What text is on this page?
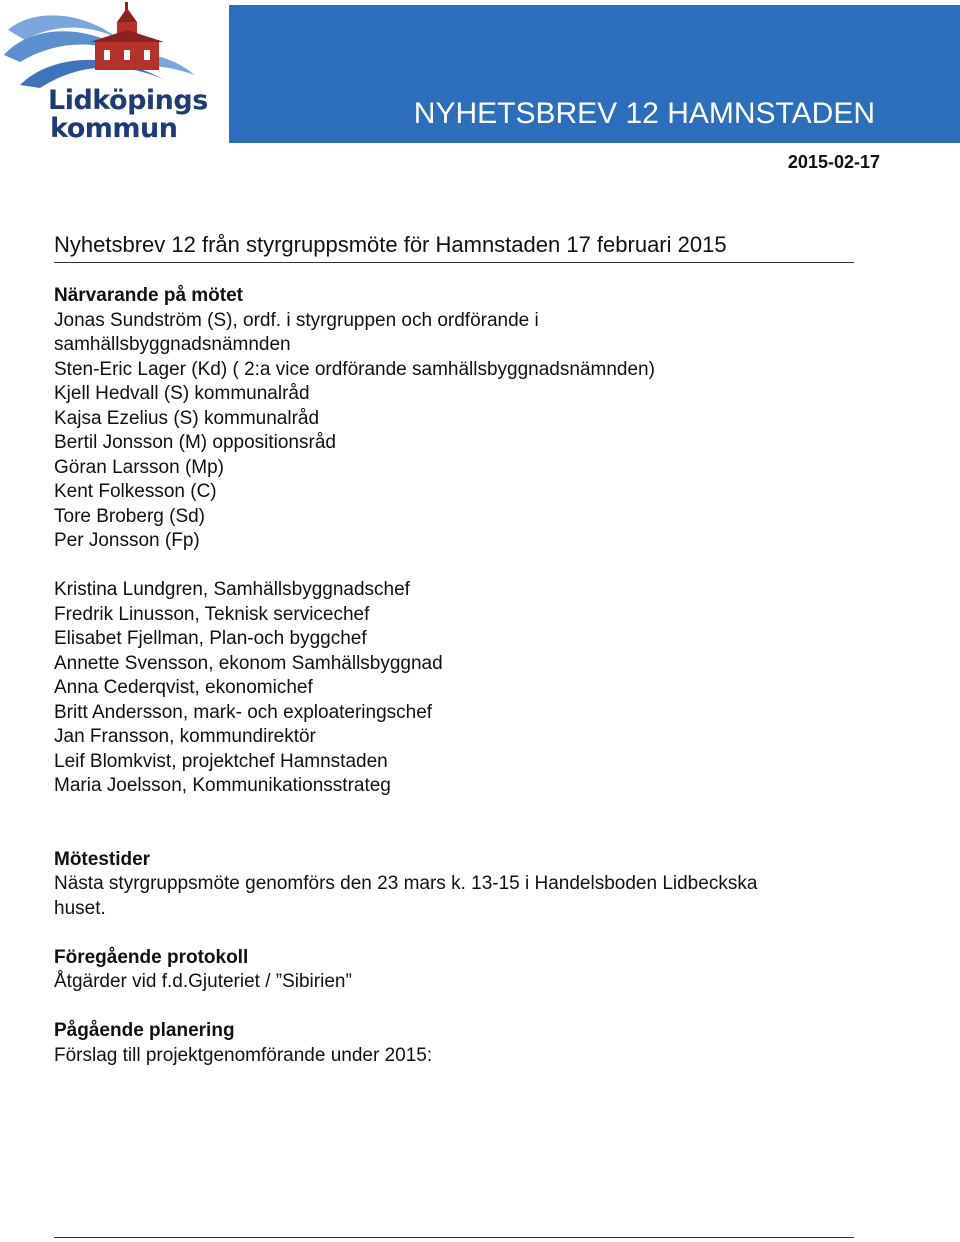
Lidköpings
kommun	NYHETSBREV 12 HAMNSTADEN
2015-02-17
Nyhetsbrev 12 från styrgruppsmöte för Hamnstaden 17 februari 2015
Närvarande på mötet
Jonas Sundström (S), ordf. i styrgruppen och ordförande i
samhällsbyggnadsnämnden
Sten-Eric Lager (Kd) ( 2:a vice ordförande samhällsbyggnadsnämnden)
Kjell Hedvall (S) kommunalråd
Kajsa Ezelius (S) kommunalråd
Bertil Jonsson (M) oppositionsråd
Göran Larsson (Mp)
Kent Folkesson (C)
Tore Broberg (Sd)
Per Jonsson (Fp)
Kristina Lundgren, Samhällsbyggnadschef
Fredrik Linusson, Teknisk servicechef
Elisabet Fjellman, Plan-och byggchef
Annette Svensson, ekonom Samhällsbyggnad
Anna Cederqvist, ekonomichef
Britt Andersson, mark- och exploateringschef
Jan Fransson, kommundirektör
Leif Blomkvist, projektchef Hamnstaden
Maria Joelsson, Kommunikationsstrateg
Mötestider
Nästa styrgruppsmöte genomförs den 23 mars k. 13-15 i Handelsboden Lidbeckska
huset.
Föregående protokoll
Åtgärder vid f.d.Gjuteriet / ”Sibirien”
Pågående planering
Förslag till projektgenomförande under 2015:
